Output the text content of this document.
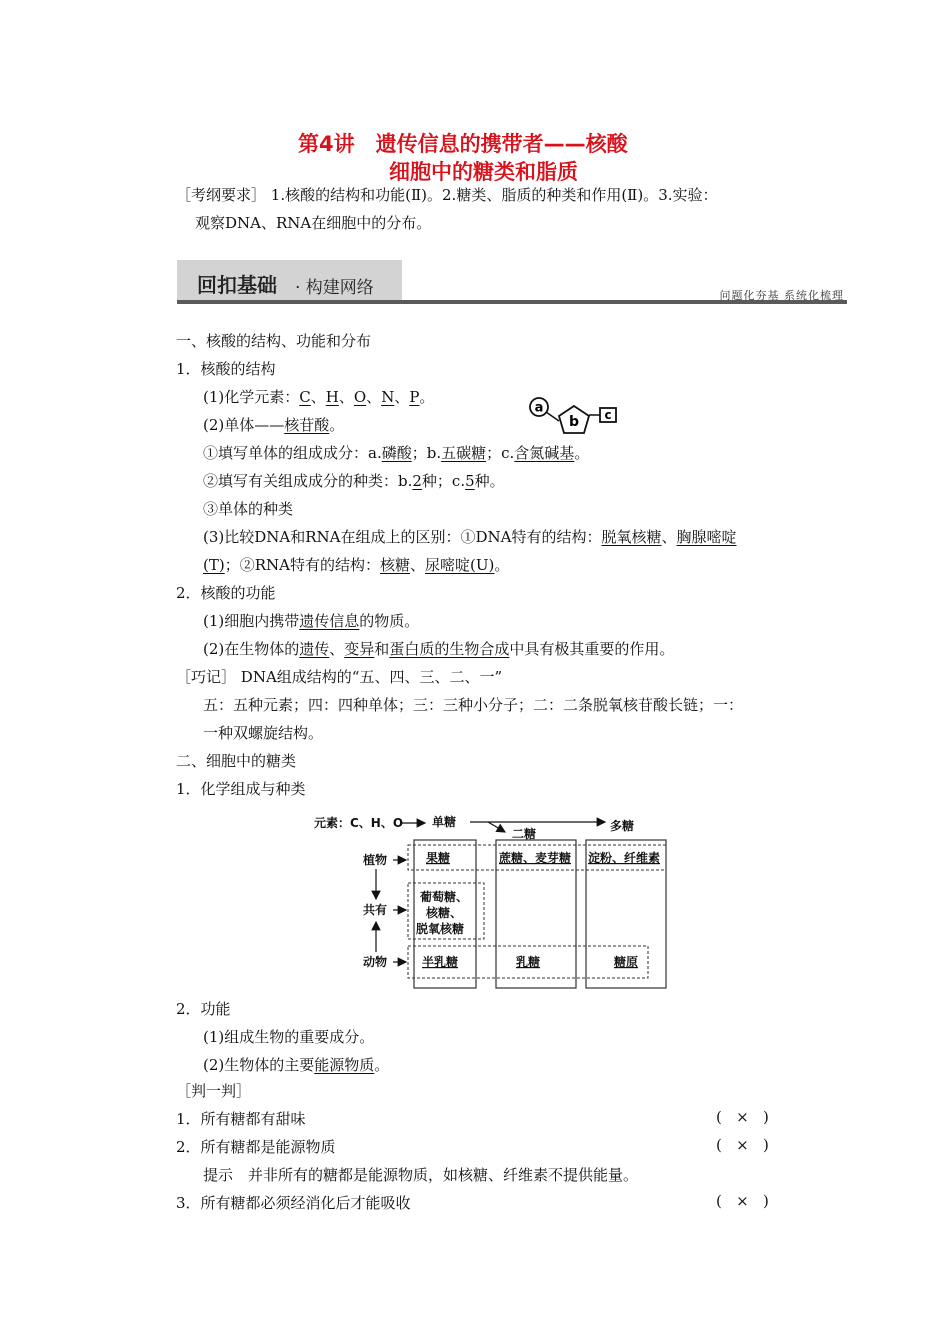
第4讲　遗传信息的携带者——核酸
细胞中的糖类和脂质
［考纲要求］ 1.核酸的结构和功能(Ⅱ)。2.糖类、脂质的种类和作用(Ⅱ)。3.实验：
观察DNA、RNA在细胞中的分布。
回扣基础 · 构建网络	问题化夯基 系统化梳理
一、核酸的结构、功能和分布
1．核酸的结构
(1)化学元素：C、H、O、N、P。
(2)单体——核苷酸。
a
b c
①填写单体的组成成分：a.磷酸；b.五碳糖；c.含氮碱基。
②填写有关组成成分的种类：b.2种；c.5种。
③单体的种类
(3)比较DNA和RNA在组成上的区别：①DNA特有的结构：脱氧核糖、胸腺嘧啶
(T)；②RNA特有的结构：核糖、尿嘧啶(U)。
2．核酸的功能
(1)细胞内携带遗传信息的物质。
(2)在生物体的遗传、变异和蛋白质的生物合成中具有极其重要的作用。
［巧记］ DNA组成结构的“五、四、三、二、一”
五：五种元素；四：四种单体；三：三种小分子；二：二条脱氧核苷酸长链；一：
一种双螺旋结构。
二、细胞中的糖类
1．化学组成与种类
元素：C、H、O 单糖
二糖
多糖
植物
共有
动物
果糖	蔗糖、麦芽糖 淀粉、纤维素
葡萄糖、
核糖、
脱氧核糖
半乳糖	乳糖	糖原
2．功能
(1)组成生物的重要成分。
(2)生物体的主要能源物质。
［判一判］
1．所有糖都有甜味	(   ×   )
2．所有糖都是能源物质	(   ×   )
提示　并非所有的糖都是能源物质，如核糖、纤维素不提供能量。
3．所有糖都必须经消化后才能吸收	(   ×   )
